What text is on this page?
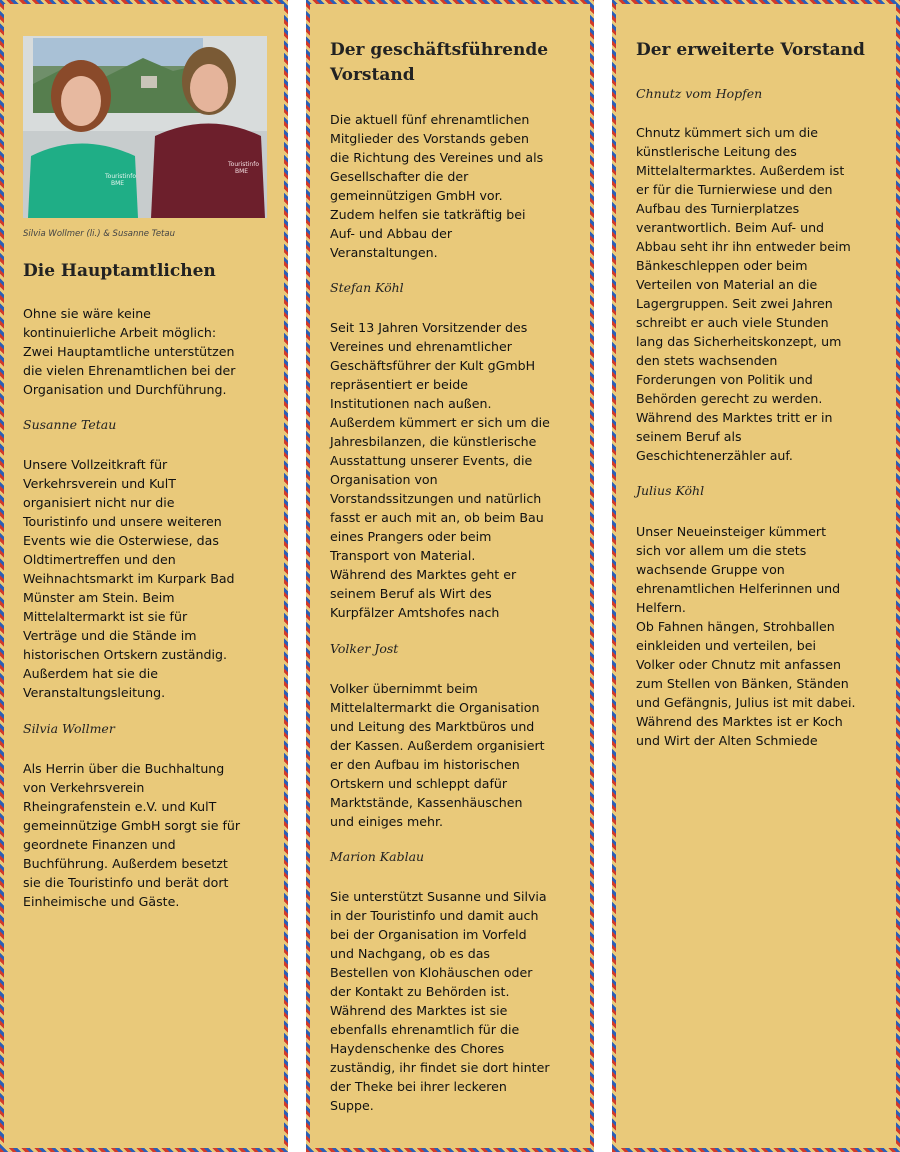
Touristinfo BME
Touristinfo BME
Silvia Wollmer (li.) & Susanne Tetau
Die Hauptamtlichen
Ohne sie wäre keine
kontinuierliche Arbeit möglich:
Zwei Hauptamtliche unterstützen
die vielen Ehrenamtlichen bei der
Organisation und Durchführung.
Susanne Tetau
Unsere Vollzeitkraft für
Verkehrsverein und KulT
organisiert nicht nur die
Touristinfo und unsere weiteren
Events wie die Osterwiese, das
Oldtimertreffen und den
Weihnachtsmarkt im Kurpark Bad
Münster am Stein. Beim
Mittelaltermarkt ist sie für
Verträge und die Stände im
historischen Ortskern zuständig.
Außerdem hat sie die
Veranstaltungsleitung.
Silvia Wollmer
Als Herrin über die Buchhaltung
von Verkehrsverein
Rheingrafenstein e.V. und KulT
gemeinnützige GmbH sorgt sie für
geordnete Finanzen und
Buchführung. Außerdem besetzt
sie die Touristinfo und berät dort
Einheimische und Gäste.
Der geschäftsführende
Vorstand
Die aktuell fünf ehrenamtlichen
Mitglieder des Vorstands geben
die Richtung des Vereines und als
Gesellschafter die der
gemeinnützigen GmbH vor.
Zudem helfen sie tatkräftig bei
Auf- und Abbau der
Veranstaltungen.
Stefan Köhl
Seit 13 Jahren Vorsitzender des
Vereines und ehrenamtlicher
Geschäftsführer der Kult gGmbH
repräsentiert er beide
Institutionen nach außen.
Außerdem kümmert er sich um die
Jahresbilanzen, die künstlerische
Ausstattung unserer Events, die
Organisation von
Vorstandssitzungen und natürlich
fasst er auch mit an, ob beim Bau
eines Prangers oder beim
Transport von Material.
Während des Marktes geht er
seinem Beruf als Wirt des
Kurpfälzer Amtshofes nach
Volker Jost
Volker übernimmt beim
Mittelaltermarkt die Organisation
und Leitung des Marktbüros und
der Kassen. Außerdem organisiert
er den Aufbau im historischen
Ortskern und schleppt dafür
Marktstände, Kassenhäuschen
und einiges mehr.
Marion Kablau
Sie unterstützt Susanne und Silvia
in der Touristinfo und damit auch
bei der Organisation im Vorfeld
und Nachgang, ob es das
Bestellen von Klohäuschen oder
der Kontakt zu Behörden ist.
Während des Marktes ist sie
ebenfalls ehrenamtlich für die
Haydenschenke des Chores
zuständig, ihr findet sie dort hinter
der Theke bei ihrer leckeren
Suppe.
Der erweiterte Vorstand
Chnutz vom Hopfen
Chnutz kümmert sich um die
künstlerische Leitung des
Mittelaltermarktes. Außerdem ist
er für die Turnierwiese und den
Aufbau des Turnierplatzes
verantwortlich. Beim Auf- und
Abbau seht ihr ihn entweder beim
Bänkeschleppen oder beim
Verteilen von Material an die
Lagergruppen. Seit zwei Jahren
schreibt er auch viele Stunden
lang das Sicherheitskonzept, um
den stets wachsenden
Forderungen von Politik und
Behörden gerecht zu werden.
Während des Marktes tritt er in
seinem Beruf als
Geschichtenerzähler auf.
Julius Köhl
Unser Neueinsteiger kümmert
sich vor allem um die stets
wachsende Gruppe von
ehrenamtlichen Helferinnen und
Helfern.
Ob Fahnen hängen, Strohballen
einkleiden und verteilen, bei
Volker oder Chnutz mit anfassen
zum Stellen von Bänken, Ständen
und Gefängnis, Julius ist mit dabei.
Während des Marktes ist er Koch
und Wirt der Alten Schmiede
